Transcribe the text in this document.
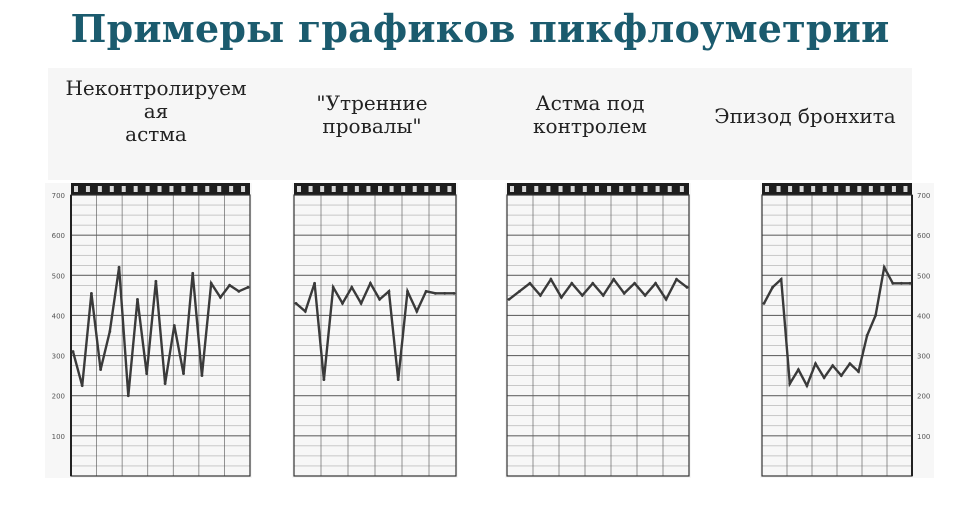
Примеры графиков пикфлоуметрии
Неконтролируем
ая
астма
"Утренние
провалы"
Астма под
контролем	Эпизод бронхита
100
200
300
400
500
600
700
100
200
300
400
500
600
700
